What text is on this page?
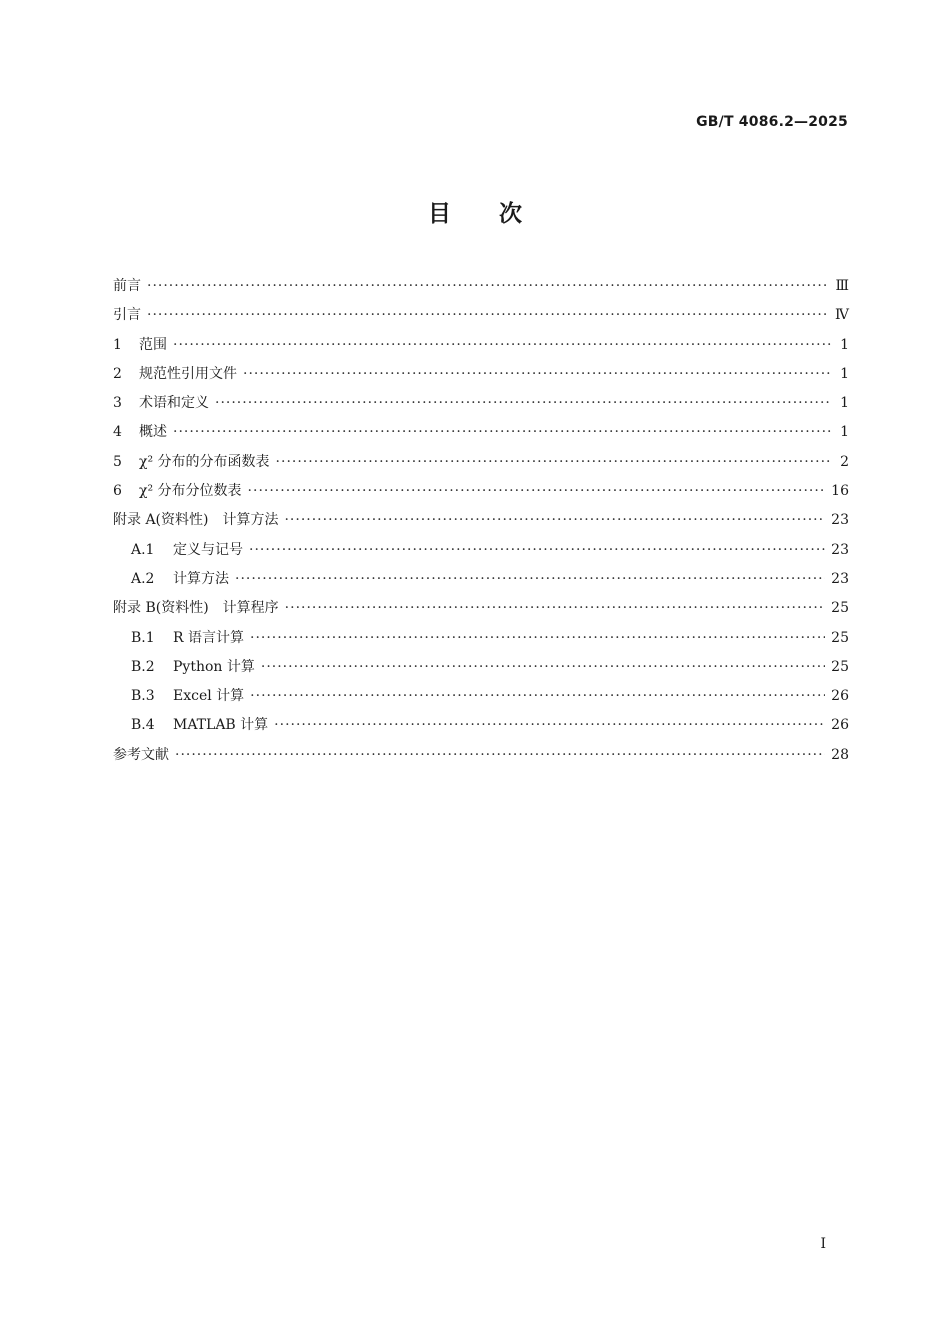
GB/T 4086.2—2025
目次
前言 ·····	Ⅲ
引言 ·····	Ⅳ
1	范围 ·····	1
2	规范性引用文件 ·····	1
3	术语和定义 ·····	1
4	概述 ·····	1
5	χ² 分布的分布函数表 ·····	2
6	χ² 分布分位数表 ·····	16
附录 A(资料性)　计算方法 ·····	23
A.1	定义与记号 ·····	23
A.2	计算方法 ·····	23
附录 B(资料性)　计算程序 ·····	25
B.1	R 语言计算 ·····	25
B.2	Python 计算 ·····	25
B.3	Excel 计算 ·····	26
B.4	MATLAB 计算 ·····	26
参考文献 ·····	28
I
